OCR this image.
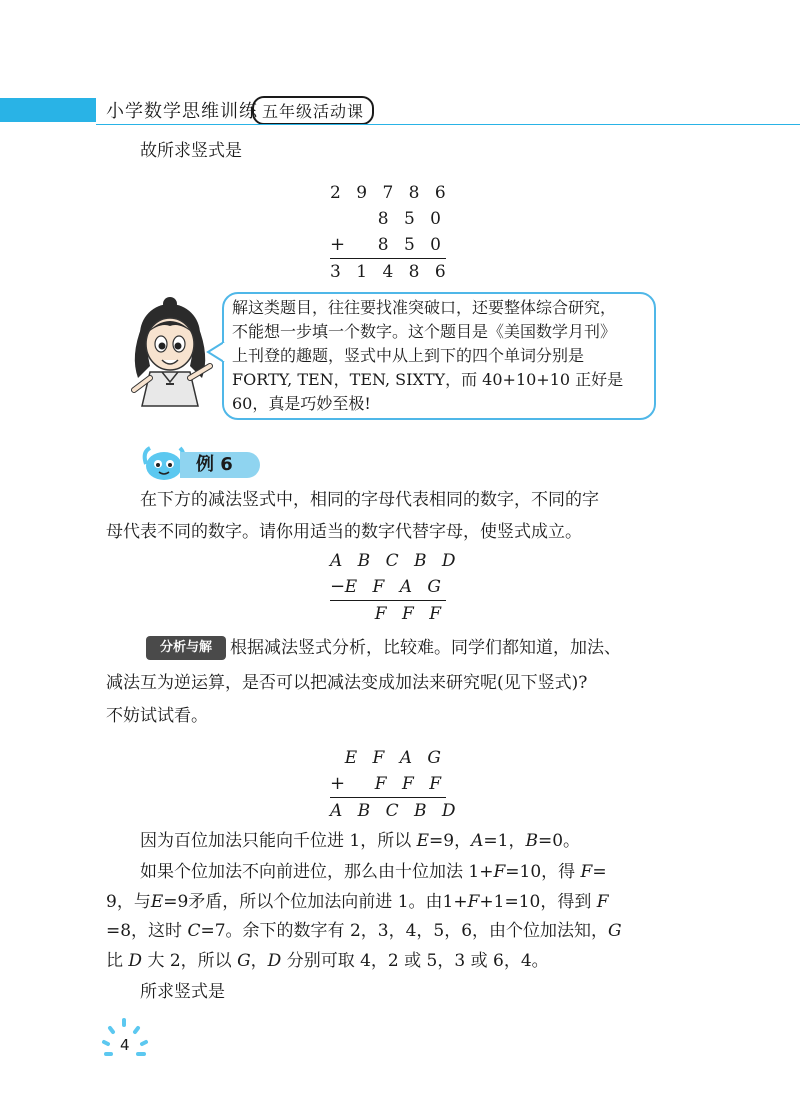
小学数学思维训练 五年级活动课
故所求竖式是
2 9 7 8 6
8 5 0
+	8 5 0
3 1 4 8 6
解这类题目，往往要找准突破口，还要整体综合研究，
不能想一步填一个数字。这个题目是《美国数学月刊》
上刊登的趣题，竖式中从上到下的四个单词分别是
FORTY, TEN，TEN, SIXTY，而 40+10+10 正好是
60，真是巧妙至极!
例 6
在下方的减法竖式中，相同的字母代表相同的数字，不同的字
母代表不同的数字。请你用适当的数字代替字母，使竖式成立。
A B C B D
− E F A G
F F F
分析与解	根据减法竖式分析，比较难。同学们都知道，加法、
减法互为逆运算，是否可以把减法变成加法来研究呢(见下竖式)?
不妨试试看。
E F A G
+	F F F
A B C B D
因为百位加法只能向千位进 1，所以 E=9，A=1，B=0。
如果个位加法不向前进位，那么由十位加法 1+F=10，得 F=
9，与E=9矛盾，所以个位加法向前进 1。由1+F+1=10，得到 F
=8，这时 C=7。余下的数字有 2，3，4，5，6，由个位加法知，G
比 D 大 2，所以 G，D 分别可取 4，2 或 5，3 或 6，4。
所求竖式是
4
